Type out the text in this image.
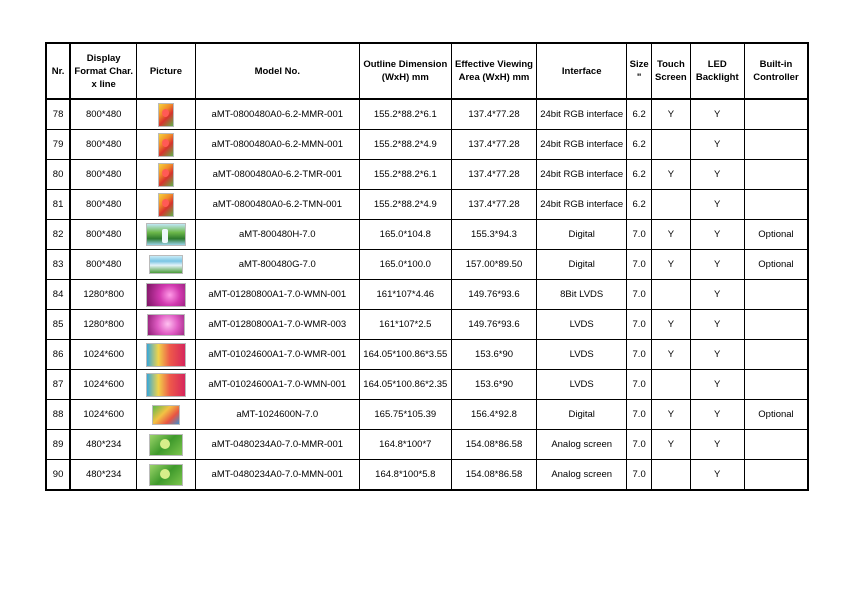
Nr.	Display Format Char. x line	Picture	Model No.	Outline Dimension (WxH) mm	Effective Viewing Area (WxH) mm	Interface	Size "	Touch Screen	LED Backlight	Built-in Controller
78	800*480		aMT-0800480A0-6.2-MMR-001	155.2*88.2*6.1	137.4*77.28	24bit RGB interface	6.2	Y	Y	
79	800*480		aMT-0800480A0-6.2-MMN-001	155.2*88.2*4.9	137.4*77.28	24bit RGB interface	6.2		Y	
80	800*480		aMT-0800480A0-6.2-TMR-001	155.2*88.2*6.1	137.4*77.28	24bit RGB interface	6.2	Y	Y	
81	800*480		aMT-0800480A0-6.2-TMN-001	155.2*88.2*4.9	137.4*77.28	24bit RGB interface	6.2		Y	
82	800*480		aMT-800480H-7.0	165.0*104.8	155.3*94.3	Digital	7.0	Y	Y	Optional
83	800*480		aMT-800480G-7.0	165.0*100.0	157.00*89.50	Digital	7.0	Y	Y	Optional
84	1280*800		aMT-01280800A1-7.0-WMN-001	161*107*4.46	149.76*93.6	8Bit LVDS	7.0		Y	
85	1280*800		aMT-01280800A1-7.0-WMR-003	161*107*2.5	149.76*93.6	LVDS	7.0	Y	Y	
86	1024*600		aMT-01024600A1-7.0-WMR-001	164.05*100.86*3.55	153.6*90	LVDS	7.0	Y	Y	
87	1024*600		aMT-01024600A1-7.0-WMN-001	164.05*100.86*2.35	153.6*90	LVDS	7.0		Y	
88	1024*600		aMT-1024600N-7.0	165.75*105.39	156.4*92.8	Digital	7.0	Y	Y	Optional
89	480*234		aMT-0480234A0-7.0-MMR-001	164.8*100*7	154.08*86.58	Analog screen	7.0	Y	Y	
90	480*234		aMT-0480234A0-7.0-MMN-001	164.8*100*5.8	154.08*86.58	Analog screen	7.0		Y	
